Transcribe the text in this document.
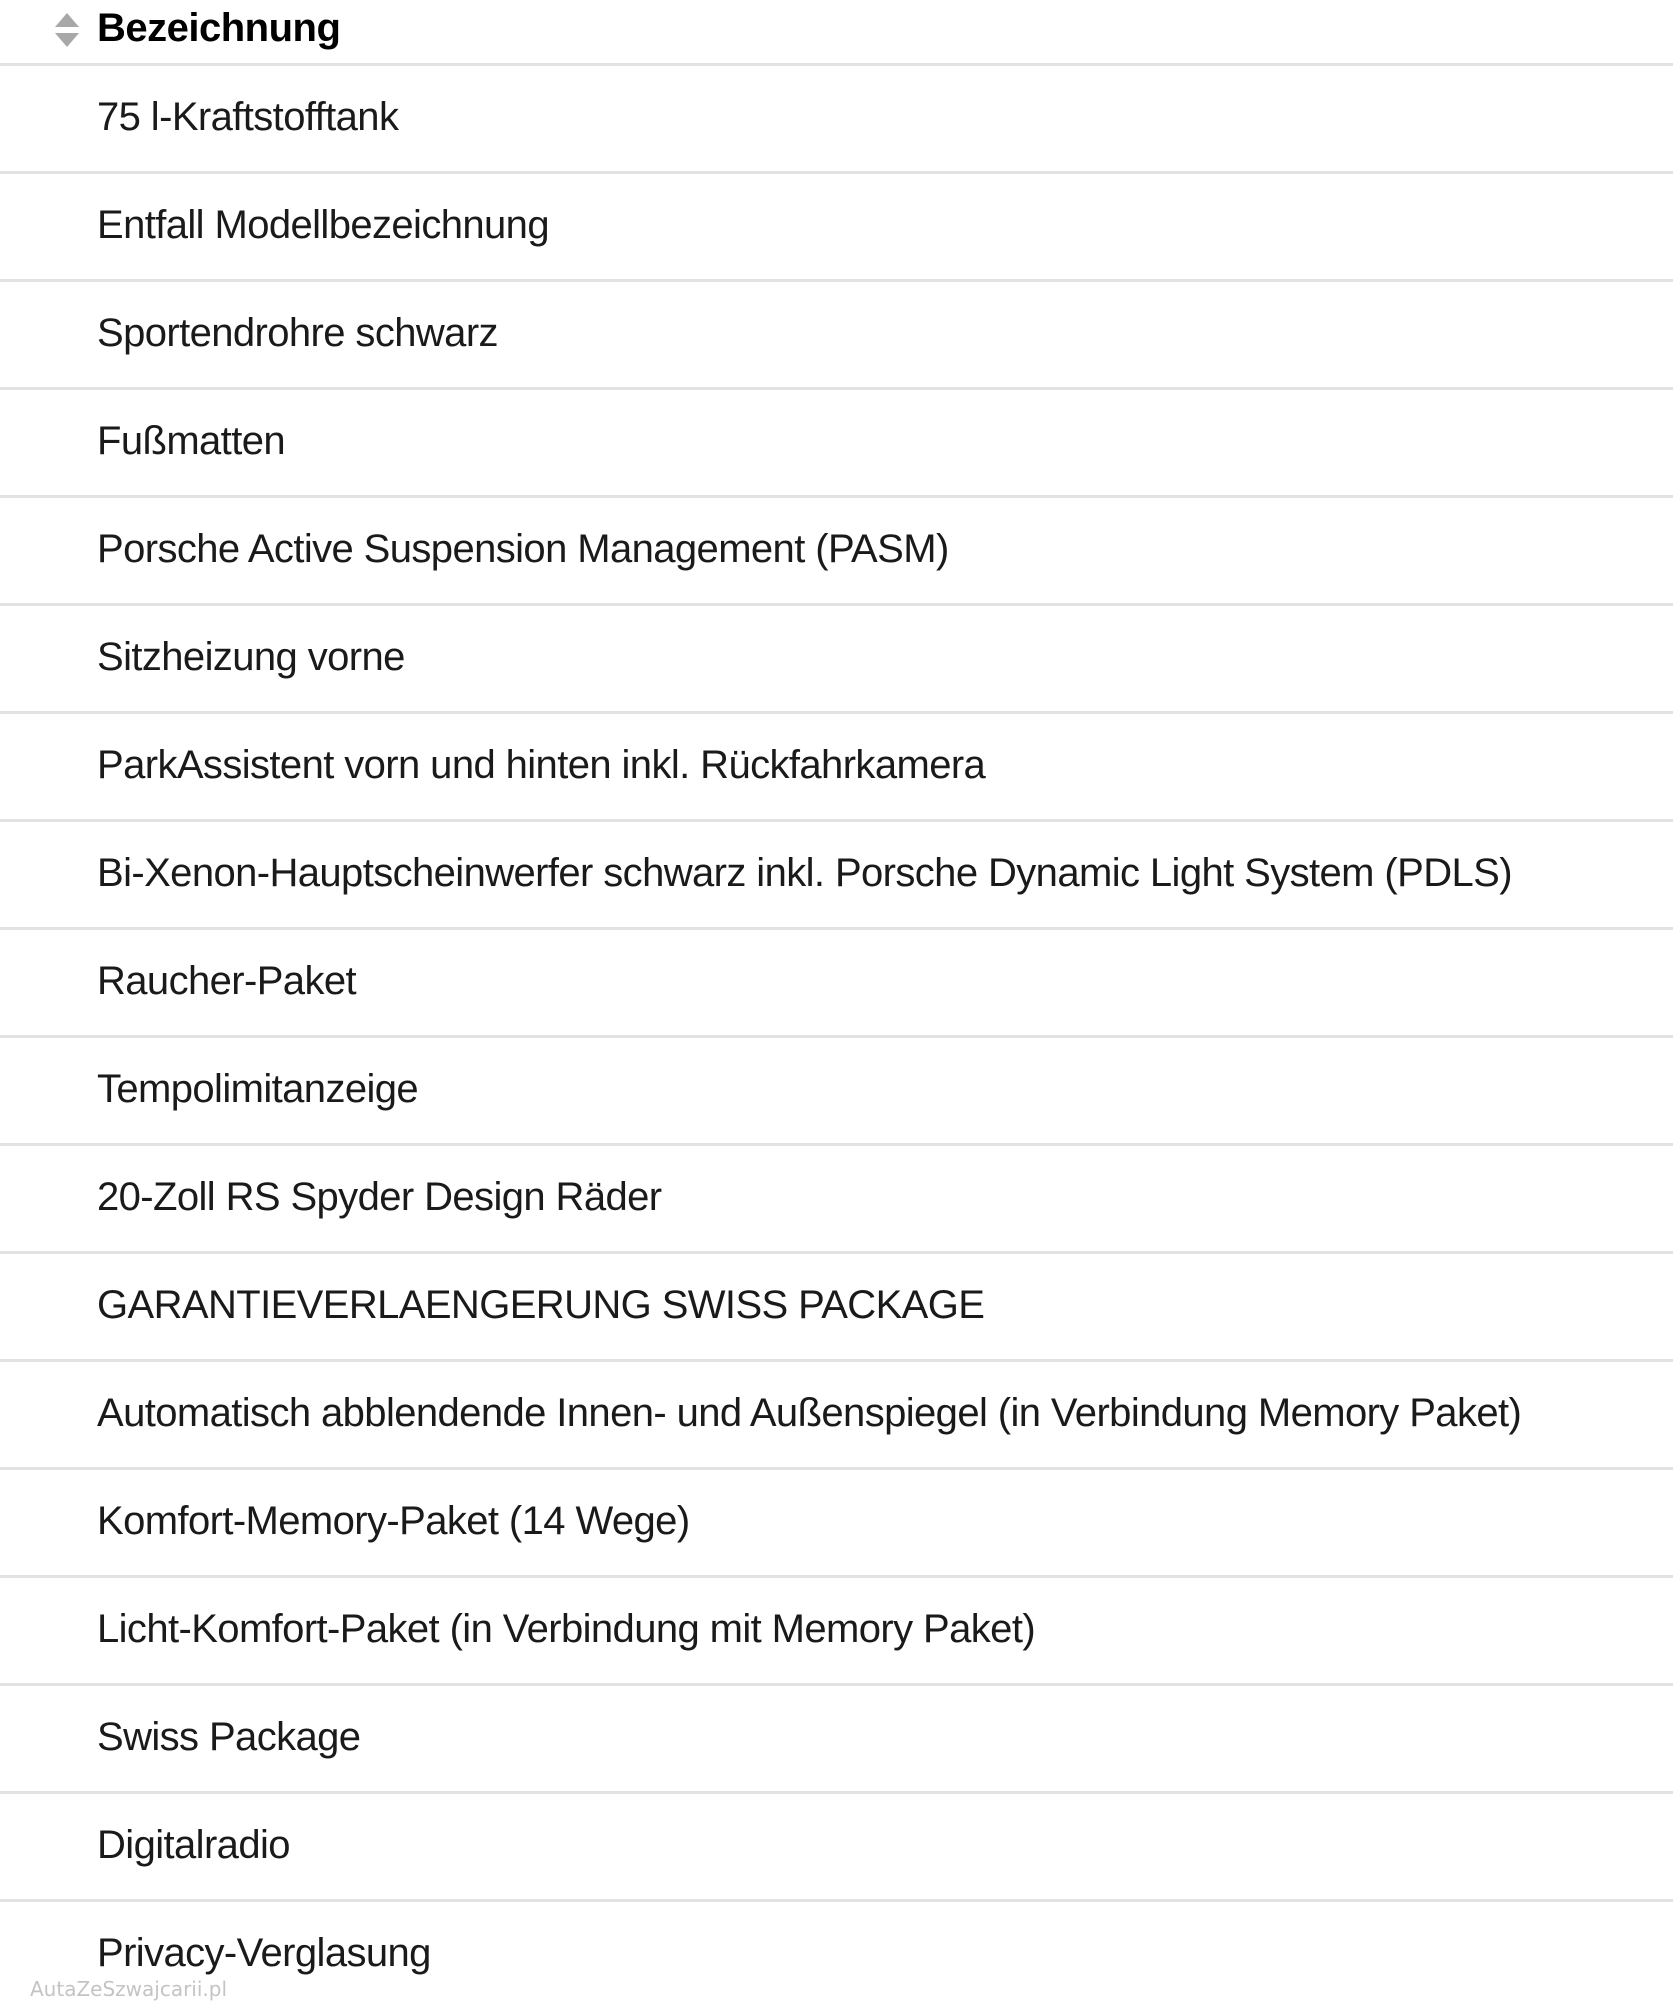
Bezeichnung
75 l-Kraftstofftank
Entfall Modellbezeichnung
Sportendrohre schwarz
Fußmatten
Porsche Active Suspension Management (PASM)
Sitzheizung vorne
ParkAssistent vorn und hinten inkl. Rückfahrkamera
Bi-Xenon-Hauptscheinwerfer schwarz inkl. Porsche Dynamic Light System (PDLS)
Raucher-Paket
Tempolimitanzeige
20-Zoll RS Spyder Design Räder
GARANTIEVERLAENGERUNG SWISS PACKAGE
Automatisch abblendende Innen- und Außenspiegel (in Verbindung Memory Paket)
Komfort-Memory-Paket (14 Wege)
Licht-Komfort-Paket (in Verbindung mit Memory Paket)
Swiss Package
Digitalradio
Privacy-Verglasung
AutaZeSzwajcarii.pl
